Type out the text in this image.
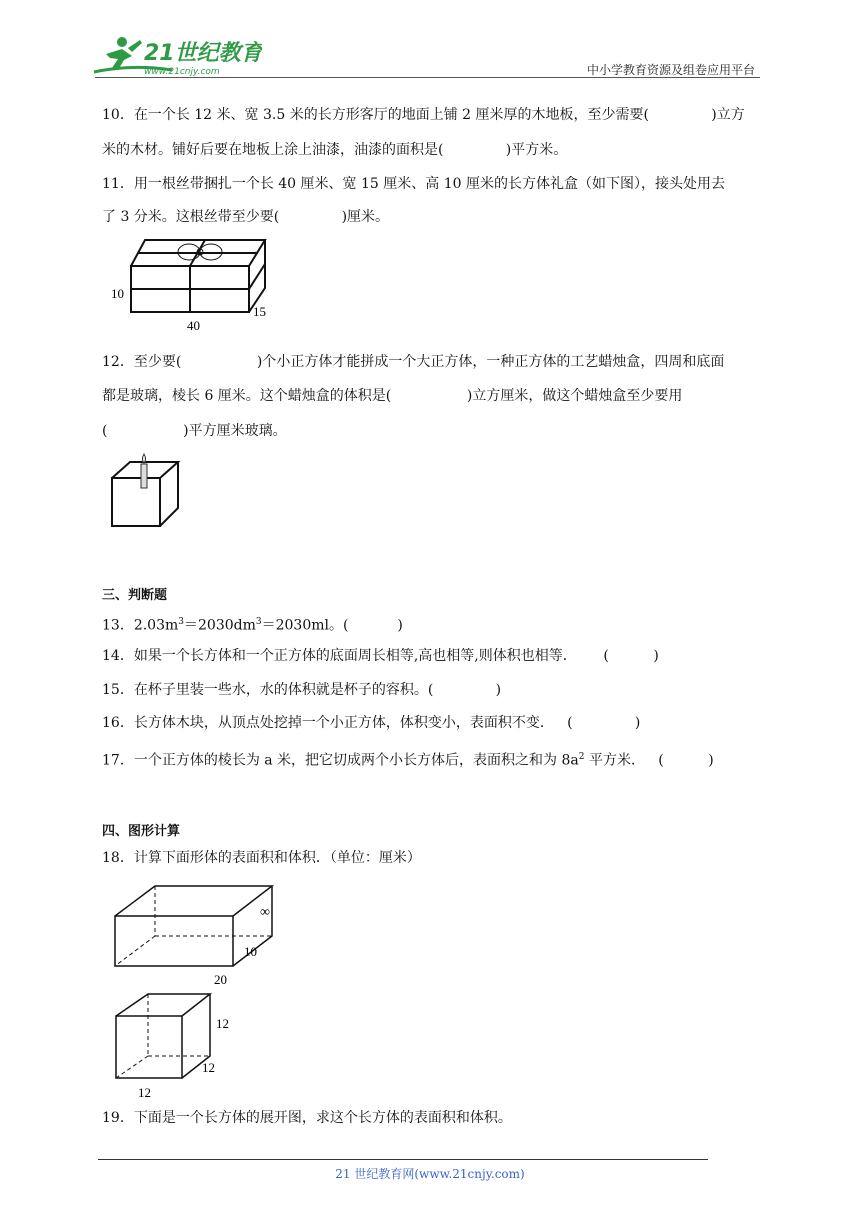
21世纪教育
www.21cnjy.com	中小学教育资源及组卷应用平台
10．在一个长 12 米、宽 3.5 米的长方形客厅的地面上铺 2 厘米厚的木地板，至少需要(              )立方
米的木材。铺好后要在地板上涂上油漆，油漆的面积是(              )平方米。
11．用一根丝带捆扎一个长 40 厘米、宽 15 厘米、高 10 厘米的长方体礼盒（如下图），接头处用去
了 3 分米。这根丝带至少要(              )厘米。
10
40
15
12．至少要(                 )个小正方体才能拼成一个大正方体，一种正方体的工艺蜡烛盒，四周和底面
都是玻璃，棱长 6 厘米。这个蜡烛盒的体积是(                 )立方厘米，做这个蜡烛盒至少要用
(                 )平方厘米玻璃。
三、判断题
13．$2.03m^3=2030dm^3=2030ml$。(           )
14．如果一个长方体和一个正方体的底面周长相等,高也相等,则体积也相等．      (          )
15．在杯子里装一些水，水的体积就是杯子的容积。(              )
16．长方体木块，从顶点处挖掉一个小正方体，体积变小，表面积不变．   (              )
17．一个正方体的棱长为 a 米，把它切成两个小长方体后，表面积之和为 $8a^2$ 平方米．   (          )
四、图形计算
18．计算下面形体的表面积和体积．（单位：厘米）
∞
10
20
12
12
12
19．下面是一个长方体的展开图，求这个长方体的表面积和体积。
21 世纪教育网(www.21cnjy.com)
